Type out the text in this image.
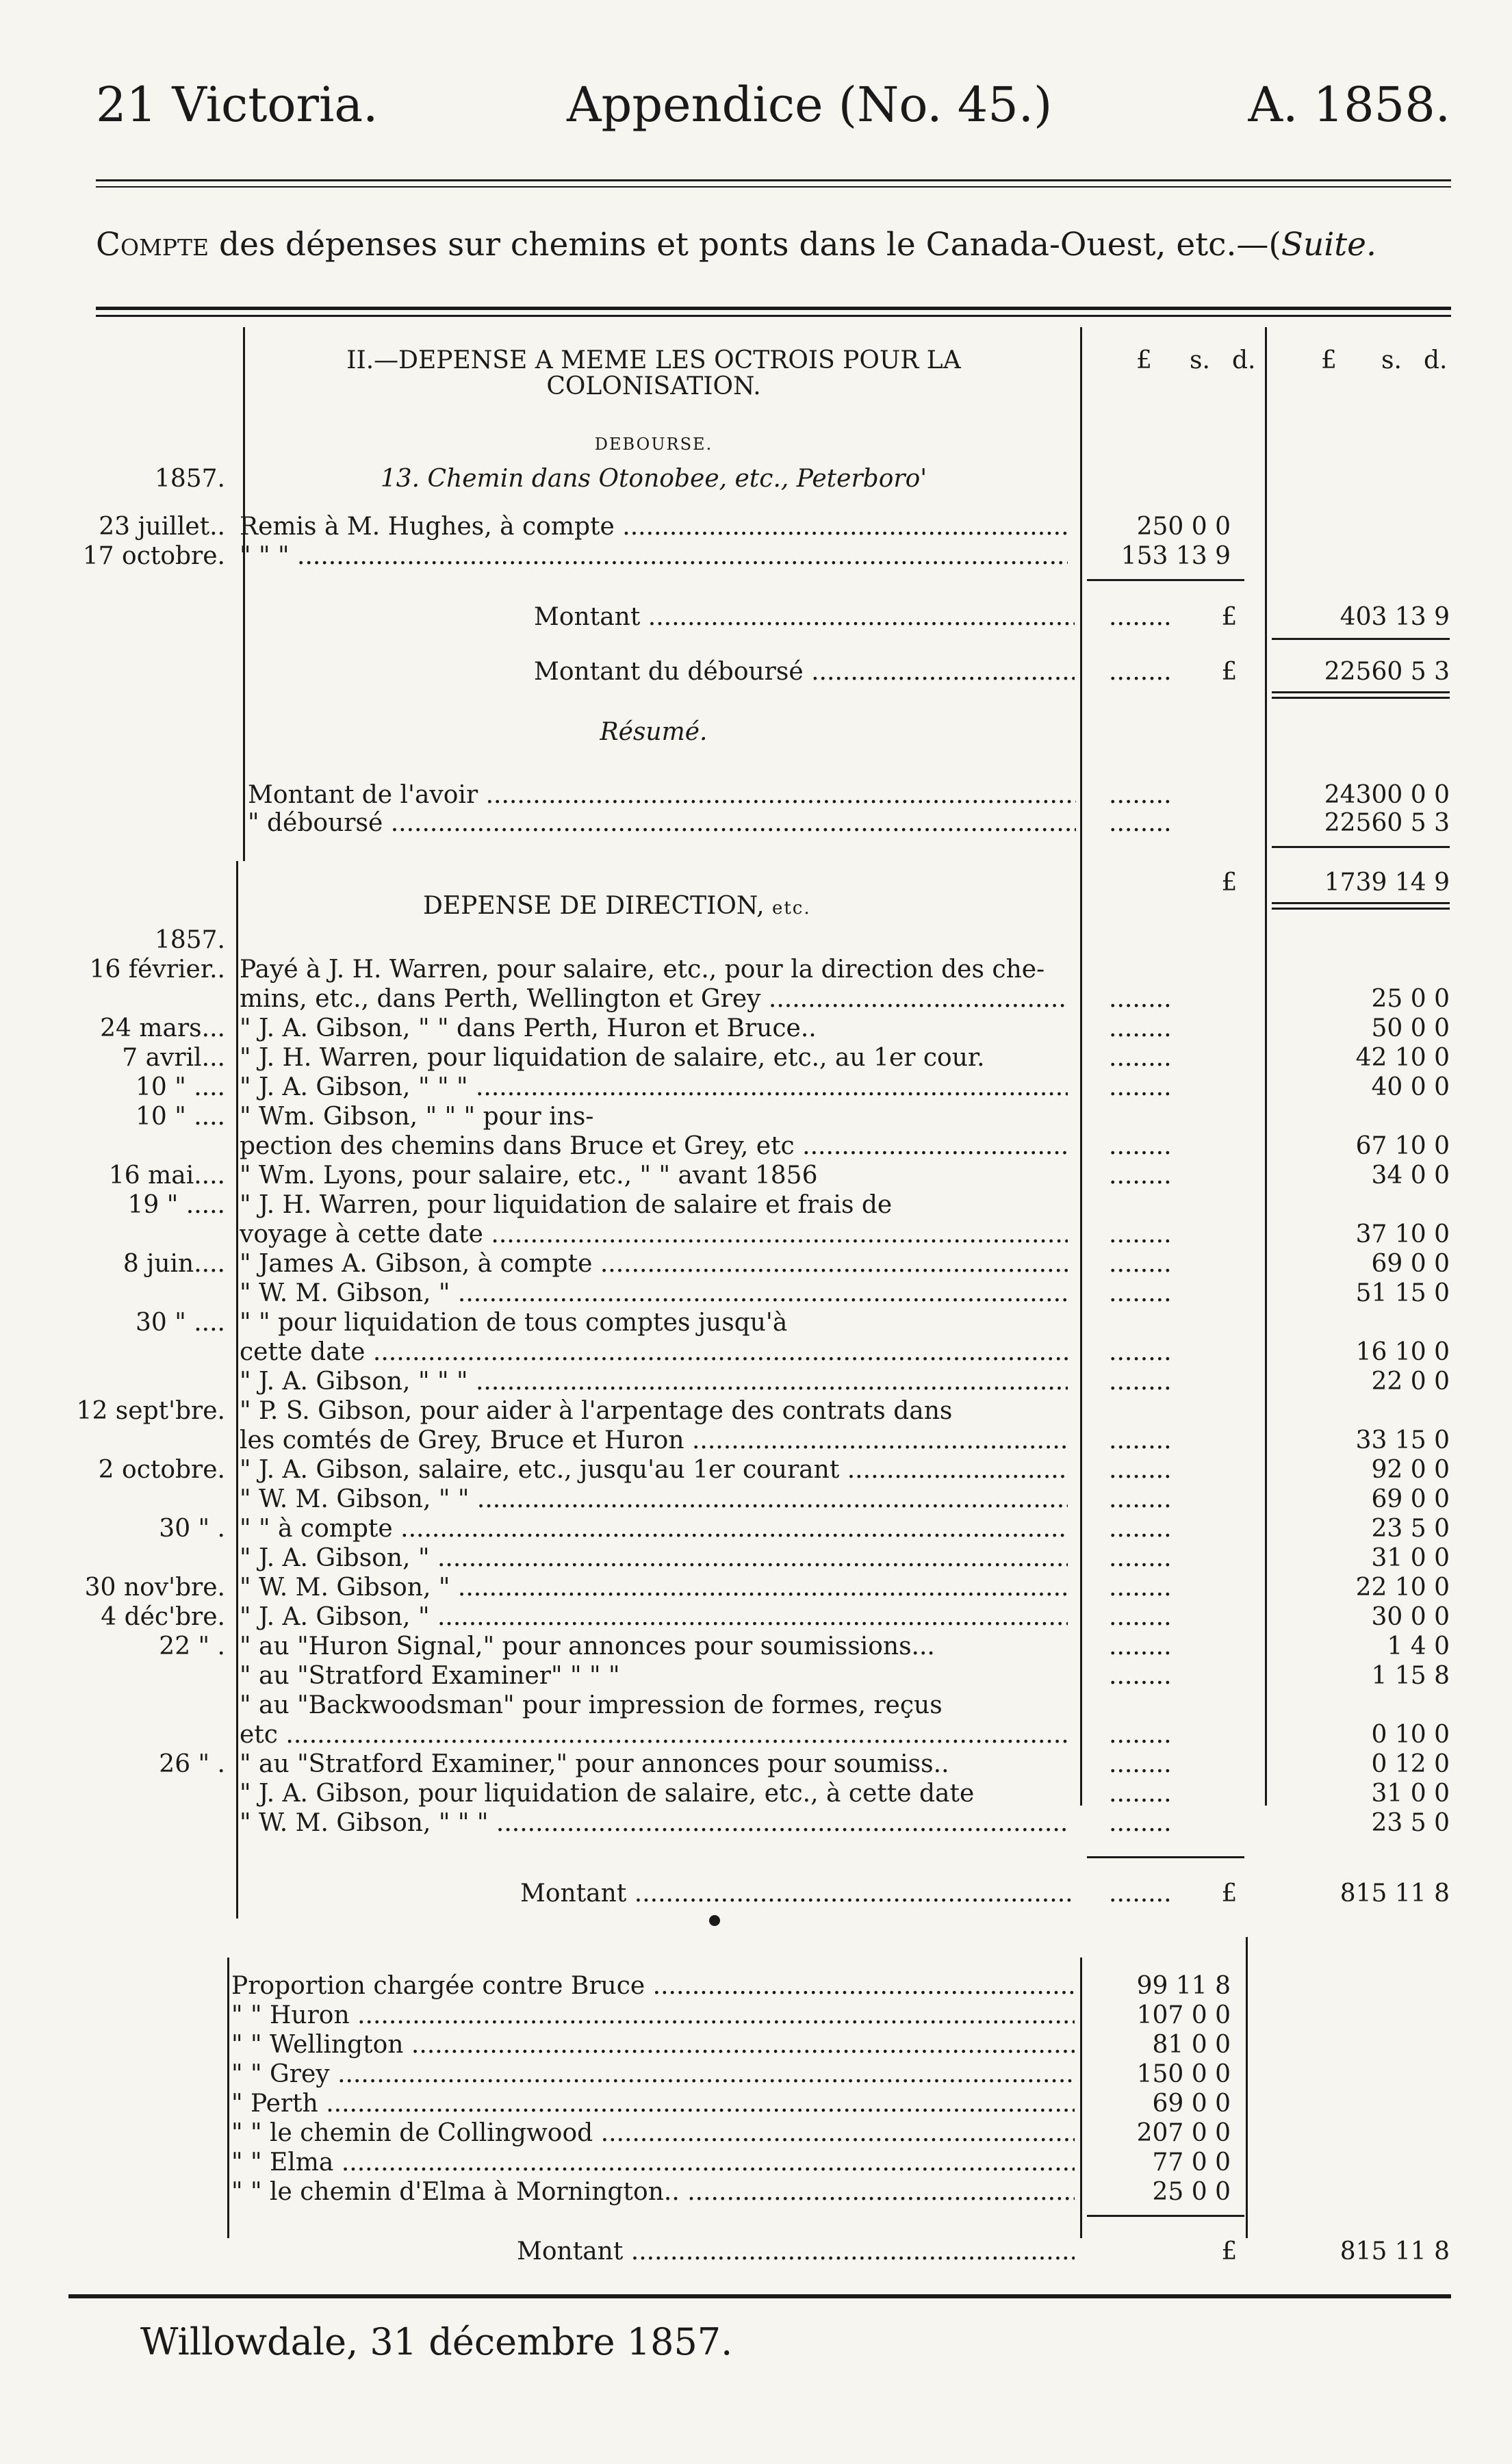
21 Victoria.	Appendice (No. 45.)	A. 1858.
Compte des dépenses sur chemins et ponts dans le Canada-Ouest, etc.—(Suite.
II.—DEPENSE A MEME LES OCTROIS POUR LA	£ s. d.	£ s. d.
COLONISATION.
DEBOURSE.
1857.	13. Chemin dans Otonobee, etc., Peterboro'
23 juillet.. Remis à M. Hughes, à compte .....	250 0 0
17 octobre. " " " .....	153 13 9
Montant ..... ........	£	403 13 9
Montant du déboursé ..... ........	£	22560 5 3
Résumé.
Montant de l'avoir ..... ........	24300 0 0
" déboursé ..... ........	22560 5 3
£	1739 14 9
DEPENSE DE DIRECTION, etc.
1857.
16 février.. Payé à J. H. Warren, pour salaire, etc., pour la direction des che-
mins, etc., dans Perth, Wellington et Grey ..... ........	25 0 0
24 mars... " J. A. Gibson, " " dans Perth, Huron et Bruce.. ........	50 0 0
7 avril... " J. H. Warren, pour liquidation de salaire, etc., au 1er cour. ........	42 10 0
10 " .... " J. A. Gibson, " " " ..... ........	40 0 0
10 " .... " Wm. Gibson, " " " pour ins-
pection des chemins dans Bruce et Grey, etc ..... ........	67 10 0
16 mai.... " Wm. Lyons, pour salaire, etc., " " avant 1856 ........	34 0 0
19 " ..... " J. H. Warren, pour liquidation de salaire et frais de
voyage à cette date ..... ........	37 10 0
8 juin.... " James A. Gibson, à compte ..... ........	69 0 0
" W. M. Gibson, " ..... ........	51 15 0
30 " .... " " pour liquidation de tous comptes jusqu'à
cette date ..... ........	16 10 0
" J. A. Gibson, " " " ..... ........	22 0 0
12 sept'bre. " P. S. Gibson, pour aider à l'arpentage des contrats dans
les comtés de Grey, Bruce et Huron ..... ........	33 15 0
2 octobre. " J. A. Gibson, salaire, etc., jusqu'au 1er courant ..... ........	92 0 0
" W. M. Gibson, " " ..... ........	69 0 0
30 " . " " à compte ..... ........	23 5 0
" J. A. Gibson, " ..... ........	31 0 0
30 nov'bre. " W. M. Gibson, " ..... ........	22 10 0
4 déc'bre. " J. A. Gibson, " ..... ........	30 0 0
22 " . " au "Huron Signal," pour annonces pour soumissions... ........	1 4 0
" au "Stratford Examiner" " " " ........	1 15 8
" au "Backwoodsman" pour impression de formes, reçus
etc ..... ........	0 10 0
26 " . " au "Stratford Examiner," pour annonces pour soumiss.. ........	0 12 0
" J. A. Gibson, pour liquidation de salaire, etc., à cette date ........	31 0 0
" W. M. Gibson, " " " ..... ........	23 5 0
Montant ..... ........	£	815 11 8
Proportion chargée contre Bruce .....	99 11 8
" " Huron .....	107 0 0
" " Wellington .....	81 0 0
" " Grey .....	150 0 0
" Perth .....	69 0 0
" " le chemin de Collingwood .....	207 0 0
" " Elma .....	77 0 0
" " le chemin d'Elma à Mornington.. .....	25 0 0
Montant .....	£	815 11 8
Willowdale, 31 décembre 1857.
